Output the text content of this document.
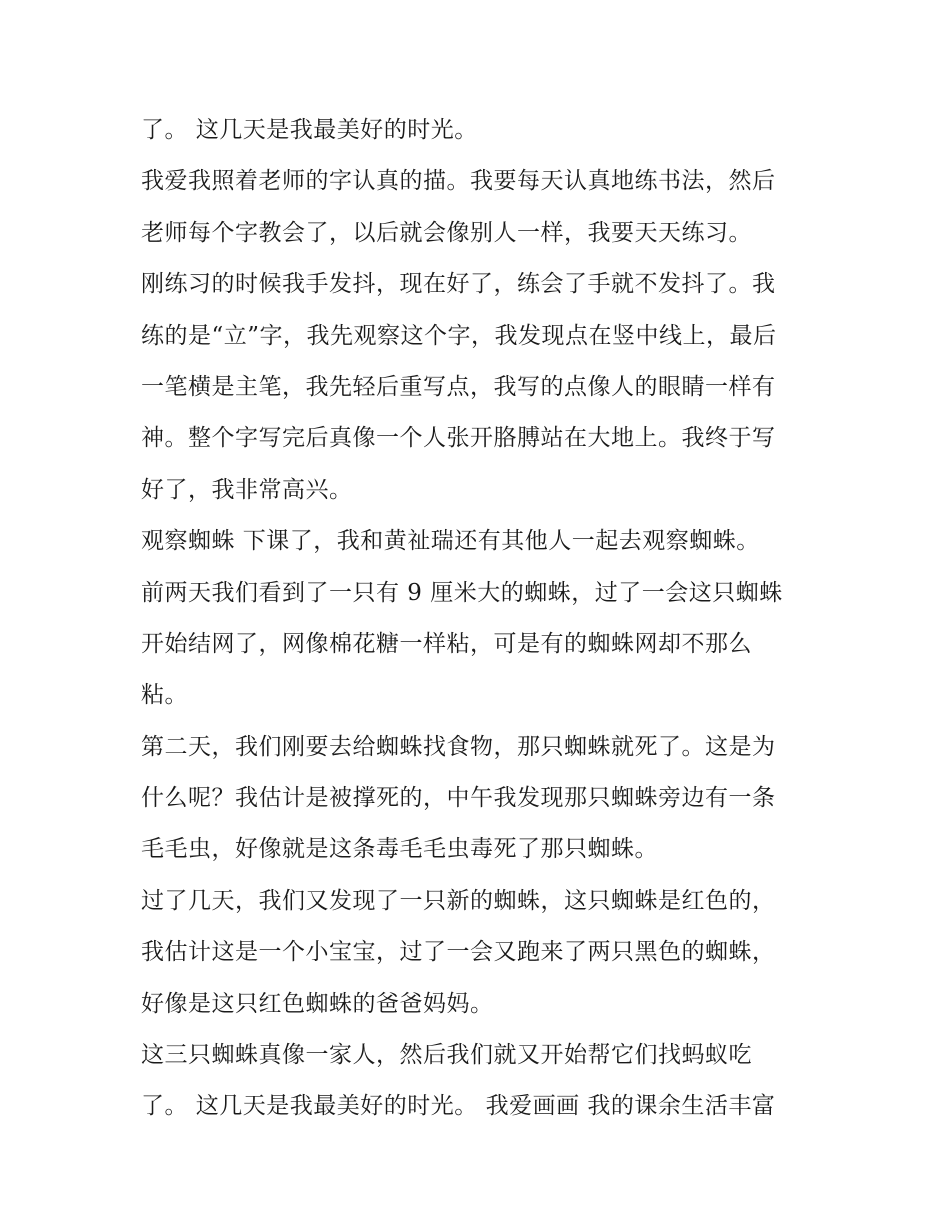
了。 这几天是我最美好的时光。
我爱我照着老师的字认真的描。我要每天认真地练书法，然后
老师每个字教会了，以后就会像别人一样，我要天天练习。
刚练习的时候我手发抖，现在好了，练会了手就不发抖了。我
练的是“立”字，我先观察这个字，我发现点在竖中线上，最后
一笔横是主笔，我先轻后重写点，我写的点像人的眼睛一样有
神。整个字写完后真像一个人张开胳膊站在大地上。我终于写
好了，我非常高兴。
观察蜘蛛 下课了，我和黄祉瑞还有其他人一起去观察蜘蛛。
前两天我们看到了一只有 9 厘米大的蜘蛛，过了一会这只蜘蛛
开始结网了，网像棉花糖一样粘，可是有的蜘蛛网却不那么
粘。
第二天，我们刚要去给蜘蛛找食物，那只蜘蛛就死了。这是为
什么呢？我估计是被撑死的，中午我发现那只蜘蛛旁边有一条
毛毛虫，好像就是这条毒毛毛虫毒死了那只蜘蛛。
过了几天，我们又发现了一只新的蜘蛛，这只蜘蛛是红色的，
我估计这是一个小宝宝，过了一会又跑来了两只黑色的蜘蛛，
好像是这只红色蜘蛛的爸爸妈妈。
这三只蜘蛛真像一家人，然后我们就又开始帮它们找蚂蚁吃
了。 这几天是我最美好的时光。 我爱画画 我的课余生活丰富
